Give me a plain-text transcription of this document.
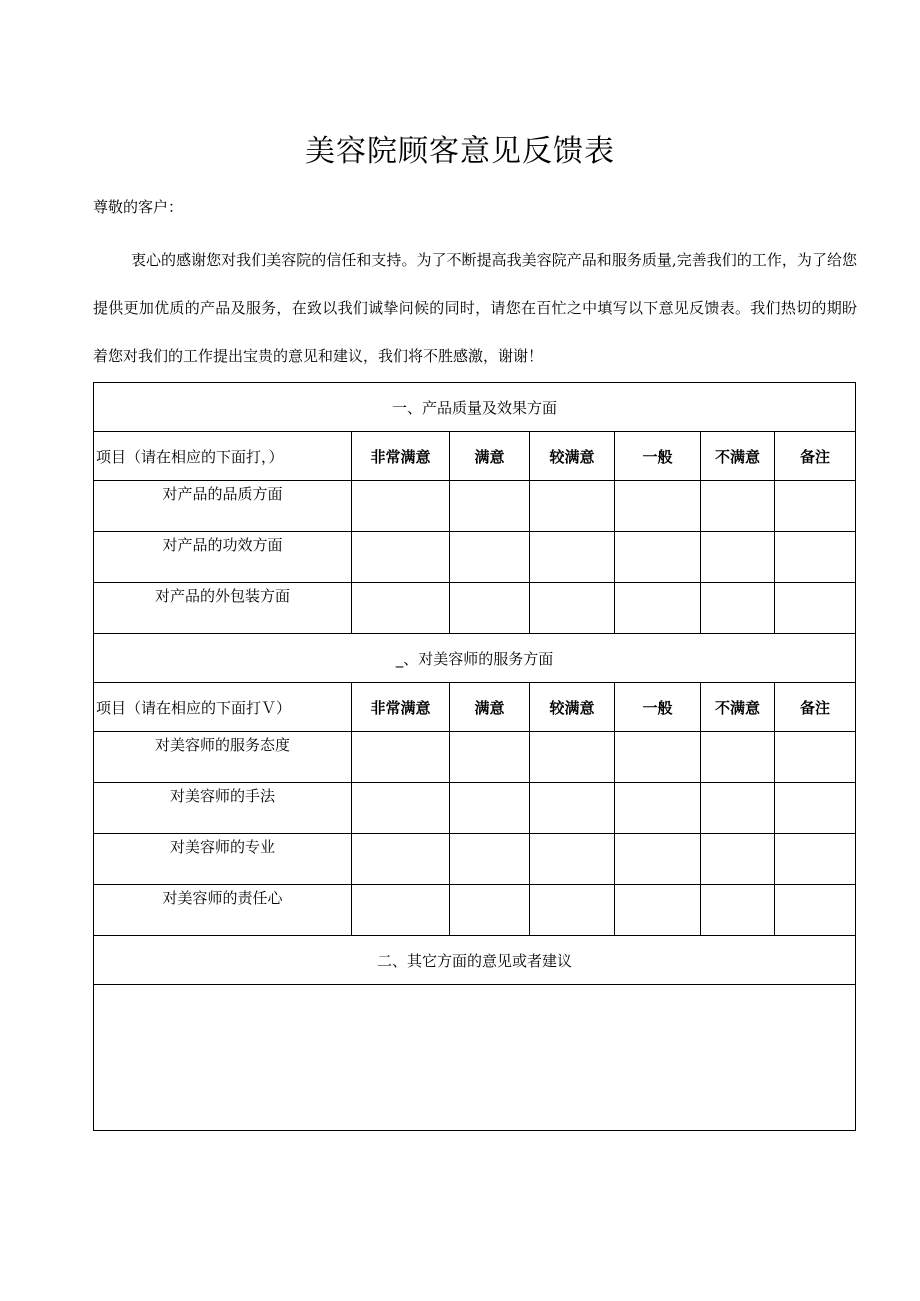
美容院顾客意见反馈表
尊敬的客户：

衷心的感谢您对我们美容院的信任和支持。为了不断提高我美容院产品和服务质量,完善我们的工作，为了给您提供更加优质的产品及服务，在致以我们诚挚问候的同时，请您在百忙之中填写以下意见反馈表。我们热切的期盼着您对我们的工作提出宝贵的意见和建议，我们将不胜感激，谢谢！

一、产品质量及效果方面						
项目（请在相应的下面打，）	非常满意	满意	较满意	一般	不满意	备注
对产品的品质方面						
对产品的功效方面						
对产品的外包装方面						
_、对美容师的服务方面						
项目（请在相应的下面打Ｖ）	非常满意	满意	较满意	一般	不满意	备注
对美容师的服务态度						
对美容师的手法						
对美容师的专业						
对美容师的责任心						
二、其它方面的意见或者建议						
